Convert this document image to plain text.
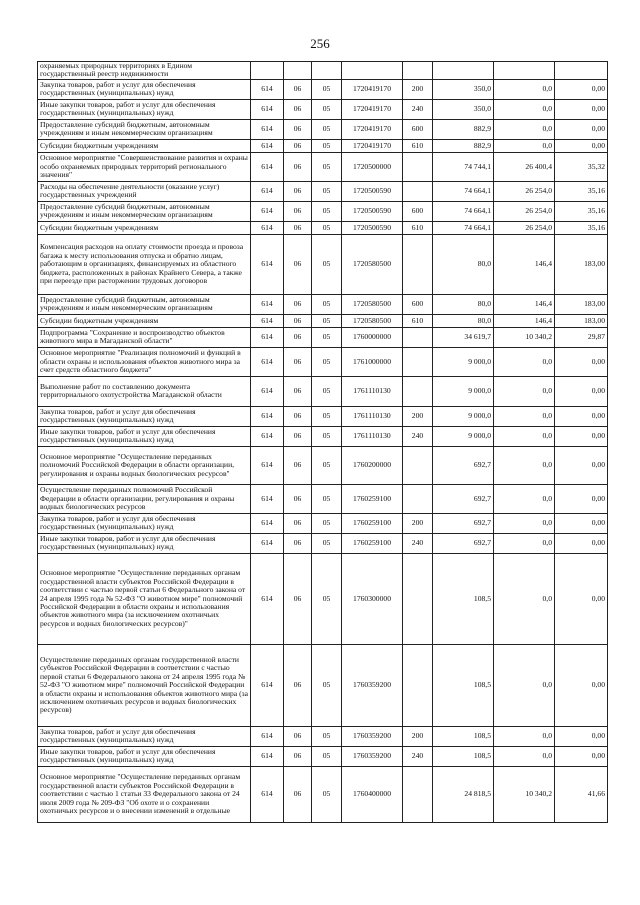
256
охраняемых природных территориях в Едином государственный реестр недвижимости								
Закупка товаров, работ и услуг для обеспечения государственных (муниципальных) нужд	614	06	05	1720419170	200	350,0	0,0	0,00
Иные закупки товаров, работ и услуг для обеспечения государственных (муниципальных) нужд	614	06	05	1720419170	240	350,0	0,0	0,00
Предоставление субсидий бюджетным, автономным учреждениям и иным некоммерческим организациям	614	06	05	1720419170	600	882,9	0,0	0,00
Субсидии бюджетным учреждениям	614	06	05	1720419170	610	882,9	0,0	0,00
Основное мероприятие "Совершенствование развития и охраны особо охраняемых природных территорий регионального значения"	614	06	05	1720500000		74 744,1	26 400,4	35,32
Расходы на обеспечение деятельности (оказание услуг) государственных учреждений	614	06	05	1720500590		74 664,1	26 254,0	35,16
Предоставление субсидий бюджетным, автономным учреждениям и иным некоммерческим организациям	614	06	05	1720500590	600	74 664,1	26 254,0	35,16
Субсидии бюджетным учреждениям	614	06	05	1720500590	610	74 664,1	26 254,0	35,16
Компенсация расходов на оплату стоимости проезда и провоза багажа к месту использования отпуска и обратно лицам, работающим в организациях, финансируемых из областного бюджета, расположенных в районах Крайнего Севера, а также при переезде при расторжении трудовых договоров	614	06	05	1720580500		80,0	146,4	183,00
Предоставление субсидий бюджетным, автономным учреждениям и иным некоммерческим организациям	614	06	05	1720580500	600	80,0	146,4	183,00
Субсидии бюджетным учреждениям	614	06	05	1720580500	610	80,0	146,4	183,00
Подпрограмма "Сохранение и воспроизводство объектов животного мира в Магаданской области"	614	06	05	1760000000		34 619,7	10 340,2	29,87
Основное мероприятие "Реализация полномочий и функций в области охраны и использования объектов животного мира за счет средств областного бюджета"	614	06	05	1761000000		9 000,0	0,0	0,00
Выполнение работ по составлению документа территориального охотустройства Магаданской области	614	06	05	1761110130		9 000,0	0,0	0,00
Закупка товаров, работ и услуг для обеспечения государственных (муниципальных) нужд	614	06	05	1761110130	200	9 000,0	0,0	0,00
Иные закупки товаров, работ и услуг для обеспечения государственных (муниципальных) нужд	614	06	05	1761110130	240	9 000,0	0,0	0,00
Основное мероприятие "Осуществление переданных полномочий Российской Федерации в области организации, регулирования и охраны водных биологических ресурсов"	614	06	05	1760200000		692,7	0,0	0,00
Осуществление переданных полномочий Российской Федерации в области организации, регулирования и охраны водных биологических ресурсов	614	06	05	1760259100		692,7	0,0	0,00
Закупка товаров, работ и услуг для обеспечения государственных (муниципальных) нужд	614	06	05	1760259100	200	692,7	0,0	0,00
Иные закупки товаров, работ и услуг для обеспечения государственных (муниципальных) нужд	614	06	05	1760259100	240	692,7	0,0	0,00
Основное мероприятие "Осуществление переданных органам государственной власти субъектов Российской Федерации в соответствии с частью первой статьи 6 Федерального закона от 24 апреля 1995 года № 52-ФЗ "О животном мире" полномочий Российской Федерации в области охраны и использования объектов животного мира (за исключением охотничьих ресурсов и водных биологических ресурсов)"	614	06	05	1760300000		108,5	0,0	0,00
Осуществление переданных органам государственной власти субъектов Российской Федерации в соответствии с частью первой статьи 6 Федерального закона от 24 апреля 1995 года № 52-ФЗ "О животном мире" полномочий Российской Федерации в области охраны и использования объектов животного мира (за исключением охотничьих ресурсов и водных биологических ресурсов)	614	06	05	1760359200		108,5	0,0	0,00
Закупка товаров, работ и услуг для обеспечения государственных (муниципальных) нужд	614	06	05	1760359200	200	108,5	0,0	0,00
Иные закупки товаров, работ и услуг для обеспечения государственных (муниципальных) нужд	614	06	05	1760359200	240	108,5	0,0	0,00
Основное мероприятие "Осуществление переданных органам государственной власти субъектов Российской Федерации в соответствии с частью 1 статьи 33 Федерального закона от 24 июля 2009 года № 209-ФЗ "Об охоте и о сохранении охотничьих ресурсов и о внесении изменений в отдельные	614	06	05	1760400000		24 818,5	10 340,2	41,66
